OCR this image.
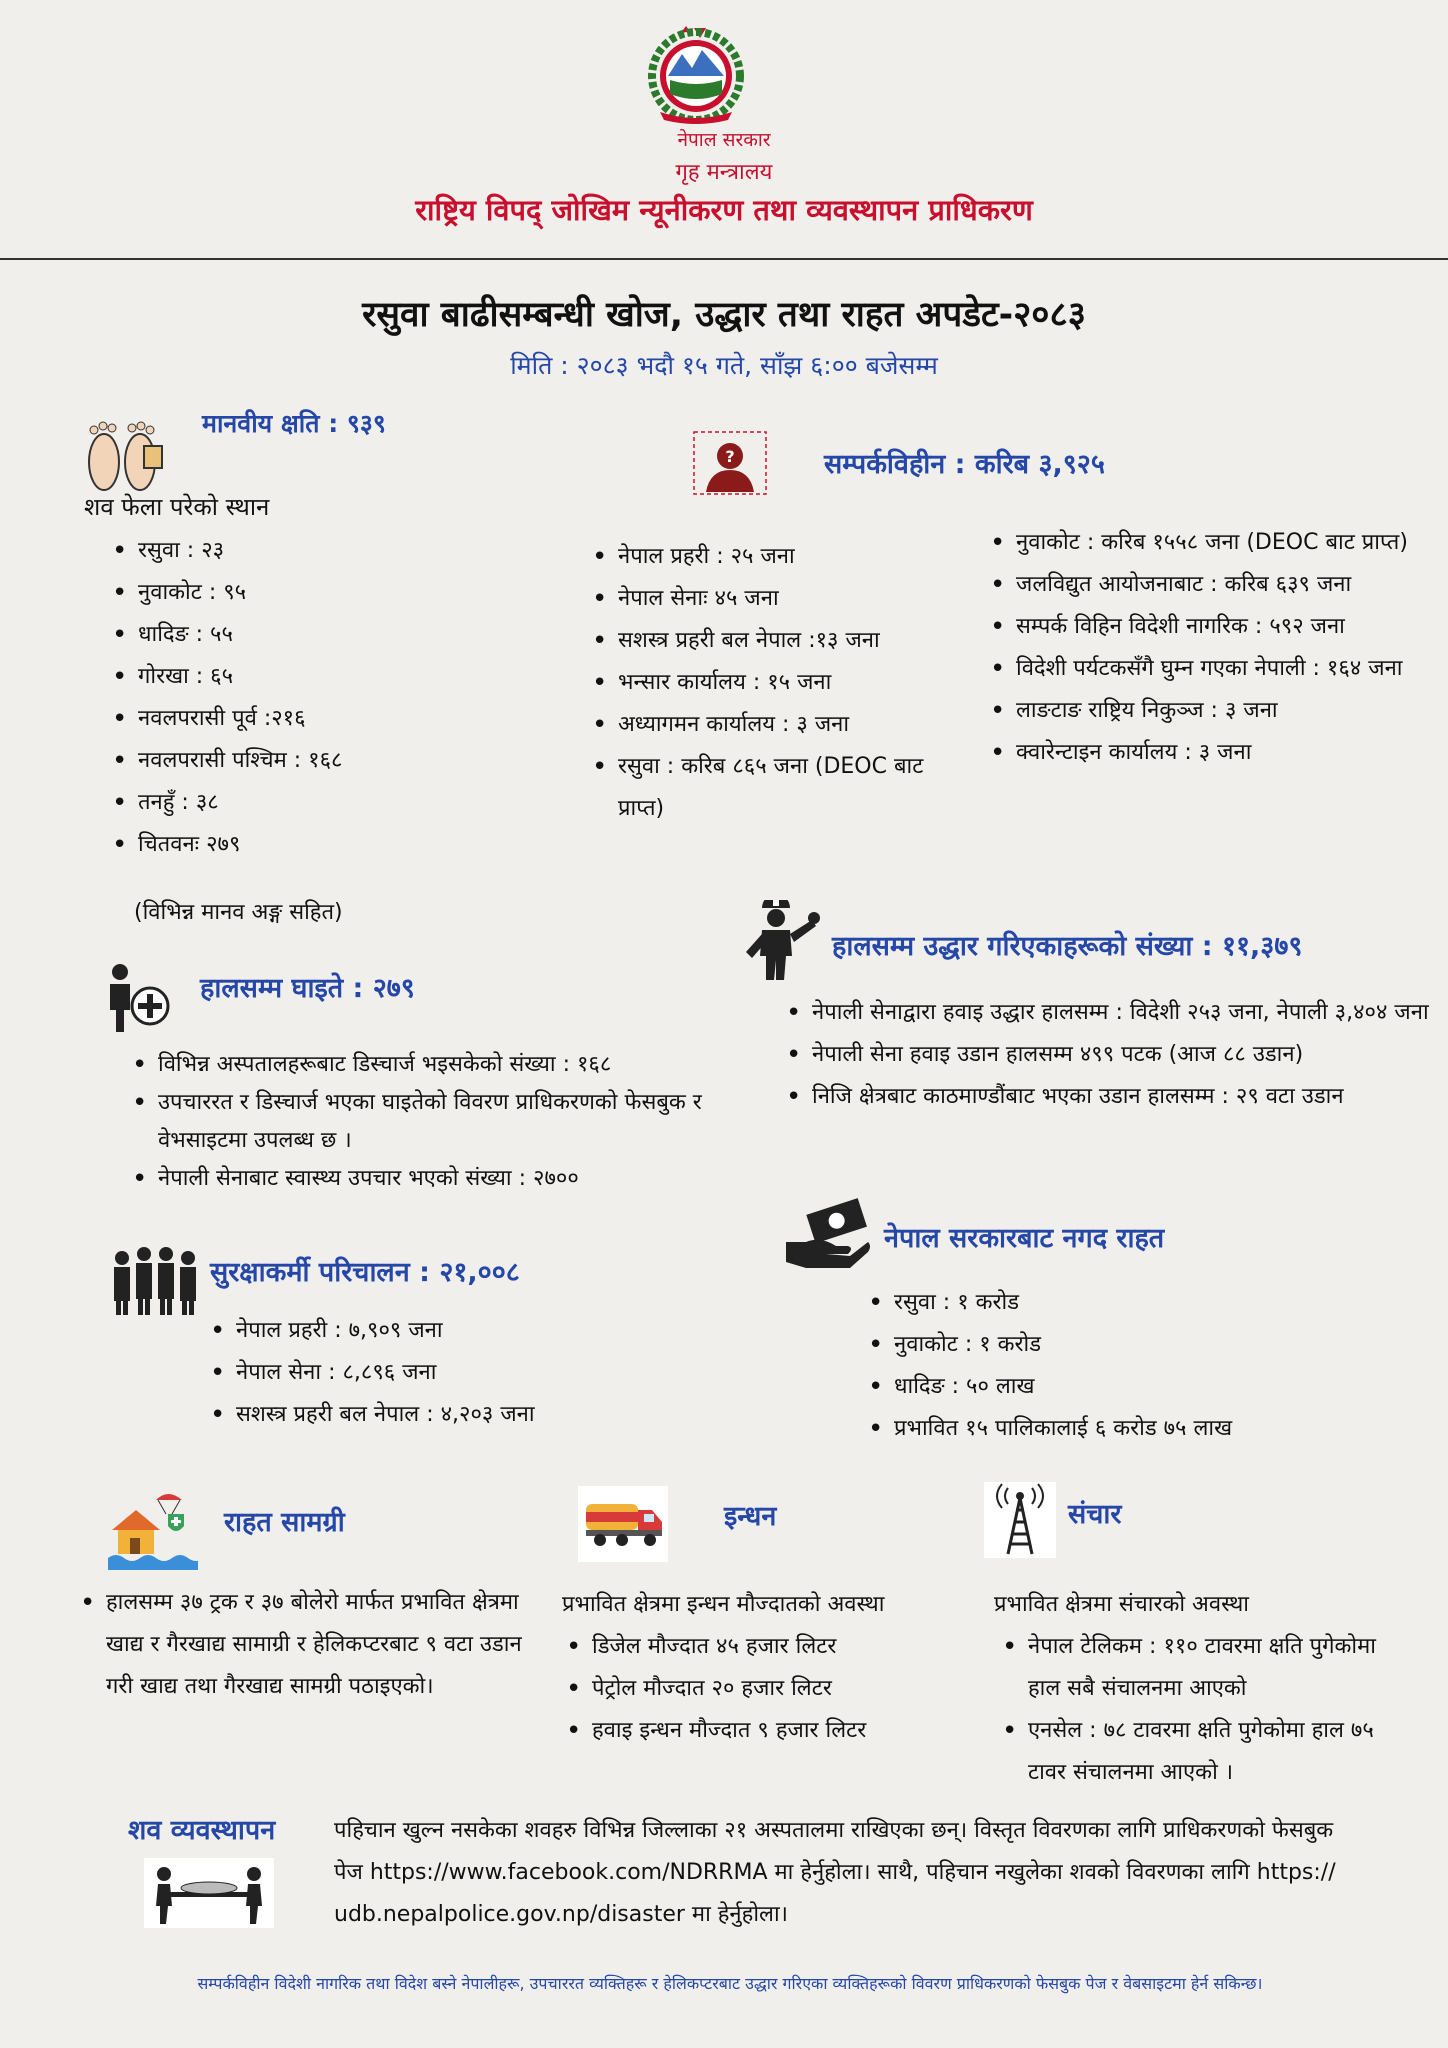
नेपाल सरकार
गृह मन्त्रालय
राष्ट्रिय विपद् जोखिम न्यूनीकरण तथा व्यवस्थापन प्राधिकरण
रसुवा बाढीसम्बन्धी खोज, उद्धार तथा राहत अपडेट-२०८३
मिति : २०८३ भदौ १५ गते, साँझ ६:०० बजेसम्म
मानवीय क्षति : ९३९
शव फेला परेको स्थान
• रसुवा : २३
• नुवाकोट : ९५
• धादिङ : ५५
• गोरखा : ६५
• नवलपरासी पूर्व :२१६
• नवलपरासी पश्चिम : १६८
• तनहुँ : ३८
• चितवनः २७९
(विभिन्न मानव अङ्ग सहित)
?	सम्पर्कविहीन : करिब ३,९२५
• नेपाल प्रहरी : २५ जना
• नेपाल सेनाः ४५ जना
• सशस्त्र प्रहरी बल नेपाल :१३ जना
• भन्सार कार्यालय : १५ जना
• अध्यागमन कार्यालय : ३ जना
• रसुवा : करिब ८६५ जना (DEOC बाट प्राप्त)
• नुवाकोट : करिब १५५८ जना (DEOC बाट प्राप्त)
• जलविद्युत आयोजनाबाट : करिब ६३९ जना
• सम्पर्क विहिन विदेशी नागरिक : ५९२ जना
• विदेशी पर्यटकसँगै घुम्न गएका नेपाली : १६४ जना
• लाङटाङ राष्ट्रिय निकुञ्ज : ३ जना
• क्वारेन्टाइन कार्यालय : ३ जना
हालसम्म घाइते : २७९
• विभिन्न अस्पतालहरूबाट डिस्चार्ज भइसकेको संख्या : १६८
• उपचाररत र डिस्चार्ज भएका घाइतेको विवरण प्राधिकरणको फेसबुक र वेभसाइटमा उपलब्ध छ ।
• नेपाली सेनाबाट स्वास्थ्य उपचार भएको संख्या : २७००
हालसम्म उद्धार गरिएकाहरूको संख्या : ११,३७९
• नेपाली सेनाद्वारा हवाइ उद्धार हालसम्म : विदेशी २५३ जना, नेपाली ३,४०४ जना
• नेपाली सेना हवाइ उडान हालसम्म ४९९ पटक (आज ८८ उडान)
• निजि क्षेत्रबाट काठमाण्डौंबाट भएका उडान हालसम्म : २९ वटा उडान
सुरक्षाकर्मी परिचालन : २१,००८
• नेपाल प्रहरी : ७,९०९ जना
• नेपाल सेना : ८,८९६ जना
• सशस्त्र प्रहरी बल नेपाल : ४,२०३ जना
नेपाल सरकारबाट नगद राहत
• रसुवा : १ करोड
• नुवाकोट : १ करोड
• धादिङ : ५० लाख
• प्रभावित १५ पालिकालाई ६ करोड ७५ लाख
राहत सामग्री
• हालसम्म ३७ ट्रक र ३७ बोलेरो मार्फत प्रभावित क्षेत्रमा खाद्य र गैरखाद्य सामाग्री र हेलिकप्टरबाट ९ वटा उडान गरी खाद्य तथा गैरखाद्य सामग्री पठाइएको।
इन्धन
प्रभावित क्षेत्रमा इन्धन मौज्दातको अवस्था
• डिजेल मौज्दात ४५ हजार लिटर
• पेट्रोल मौज्दात २० हजार लिटर
• हवाइ इन्धन मौज्दात ९ हजार लिटर
संचार
प्रभावित क्षेत्रमा संचारको अवस्था
• नेपाल टेलिकम : ११० टावरमा क्षति पुगेकोमा हाल सबै संचालनमा आएको
• एनसेल : ७८ टावरमा क्षति पुगेकोमा हाल ७५ टावर संचालनमा आएको ।
शव व्यवस्थापन	पहिचान खुल्न नसकेका शवहरु विभिन्न जिल्लाका २१ अस्पतालमा राखिएका छन्। विस्तृत विवरणका लागि प्राधिकरणको फेसबुक पेज https://www.facebook.com/NDRRMA मा हेर्नुहोला। साथै, पहिचान नखुलेका शवको विवरणका लागि https://udb.nepalpolice.gov.np/disaster मा हेर्नुहोला।
सम्पर्कविहीन विदेशी नागरिक तथा विदेश बस्ने नेपालीहरू, उपचाररत व्यक्तिहरू र हेलिकप्टरबाट उद्धार गरिएका व्यक्तिहरूको विवरण प्राधिकरणको फेसबुक पेज र वेबसाइटमा हेर्न सकिन्छ।
